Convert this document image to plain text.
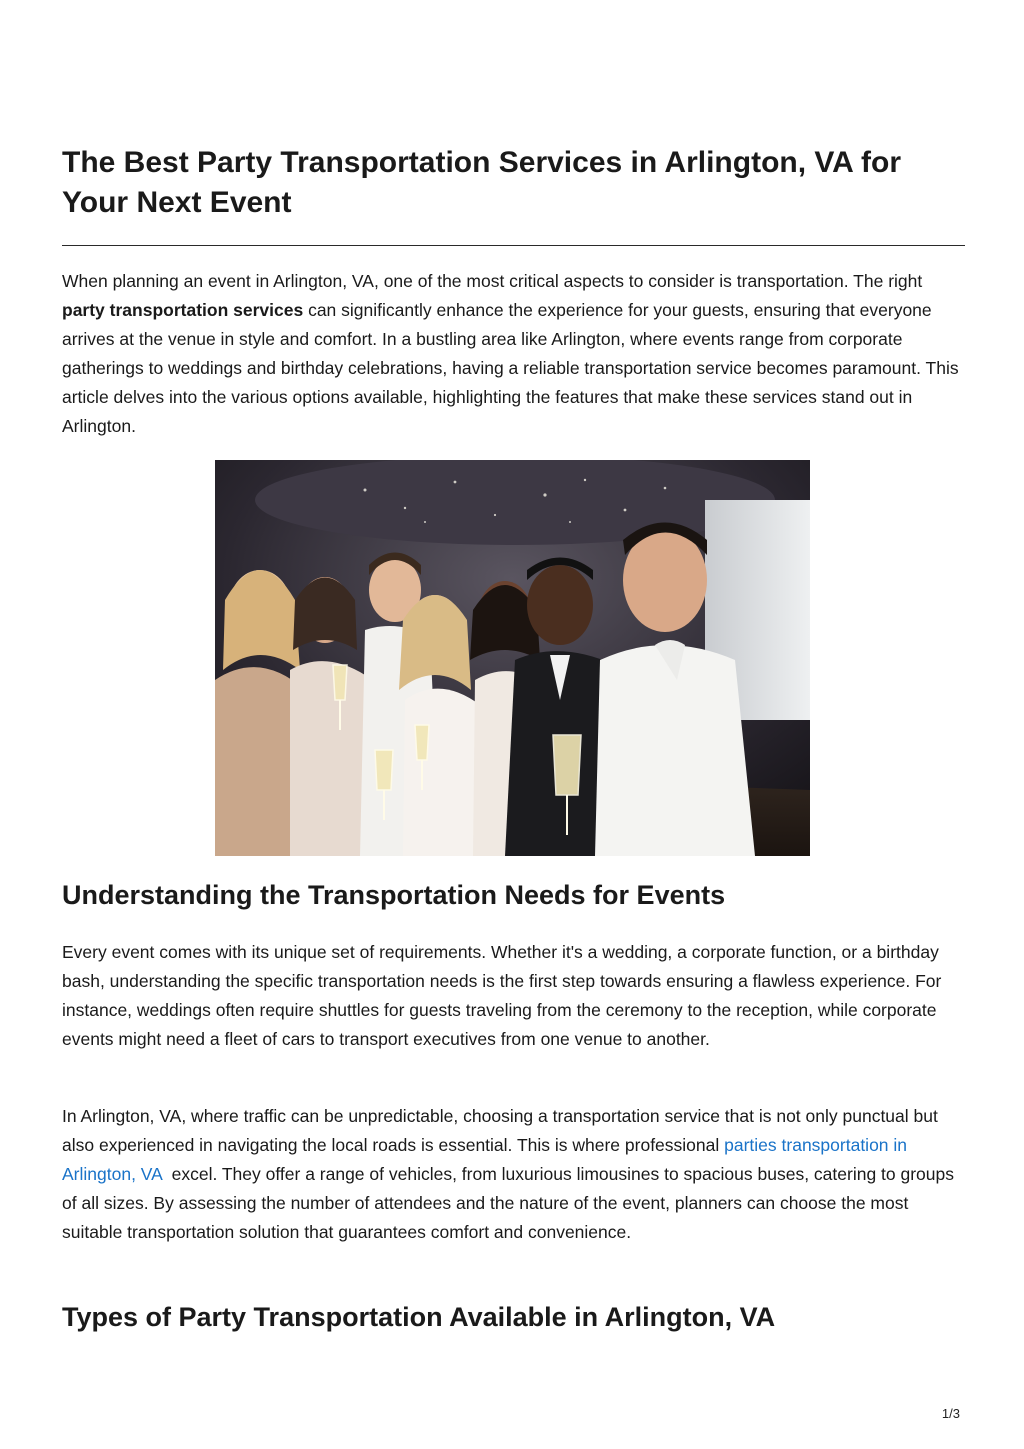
The Best Party Transportation Services in Arlington, VA for Your Next Event

When planning an event in Arlington, VA, one of the most critical aspects to consider is transportation. The right party transportation services can significantly enhance the experience for your guests, ensuring that everyone arrives at the venue in style and comfort. In a bustling area like Arlington, where events range from corporate gatherings to weddings and birthday celebrations, having a reliable transportation service becomes paramount. This article delves into the various options available, highlighting the features that make these services stand out in Arlington.

Understanding the Transportation Needs for Events

Every event comes with its unique set of requirements. Whether it's a wedding, a corporate function, or a birthday bash, understanding the specific transportation needs is the first step towards ensuring a flawless experience. For instance, weddings often require shuttles for guests traveling from the ceremony to the reception, while corporate events might need a fleet of cars to transport executives from one venue to another.

In Arlington, VA, where traffic can be unpredictable, choosing a transportation service that is not only punctual but also experienced in navigating the local roads is essential. This is where professional parties transportation in Arlington, VA  excel. They offer a range of vehicles, from luxurious limousines to spacious buses, catering to groups of all sizes. By assessing the number of attendees and the nature of the event, planners can choose the most suitable transportation solution that guarantees comfort and convenience.

Types of Party Transportation Available in Arlington, VA
1/3
